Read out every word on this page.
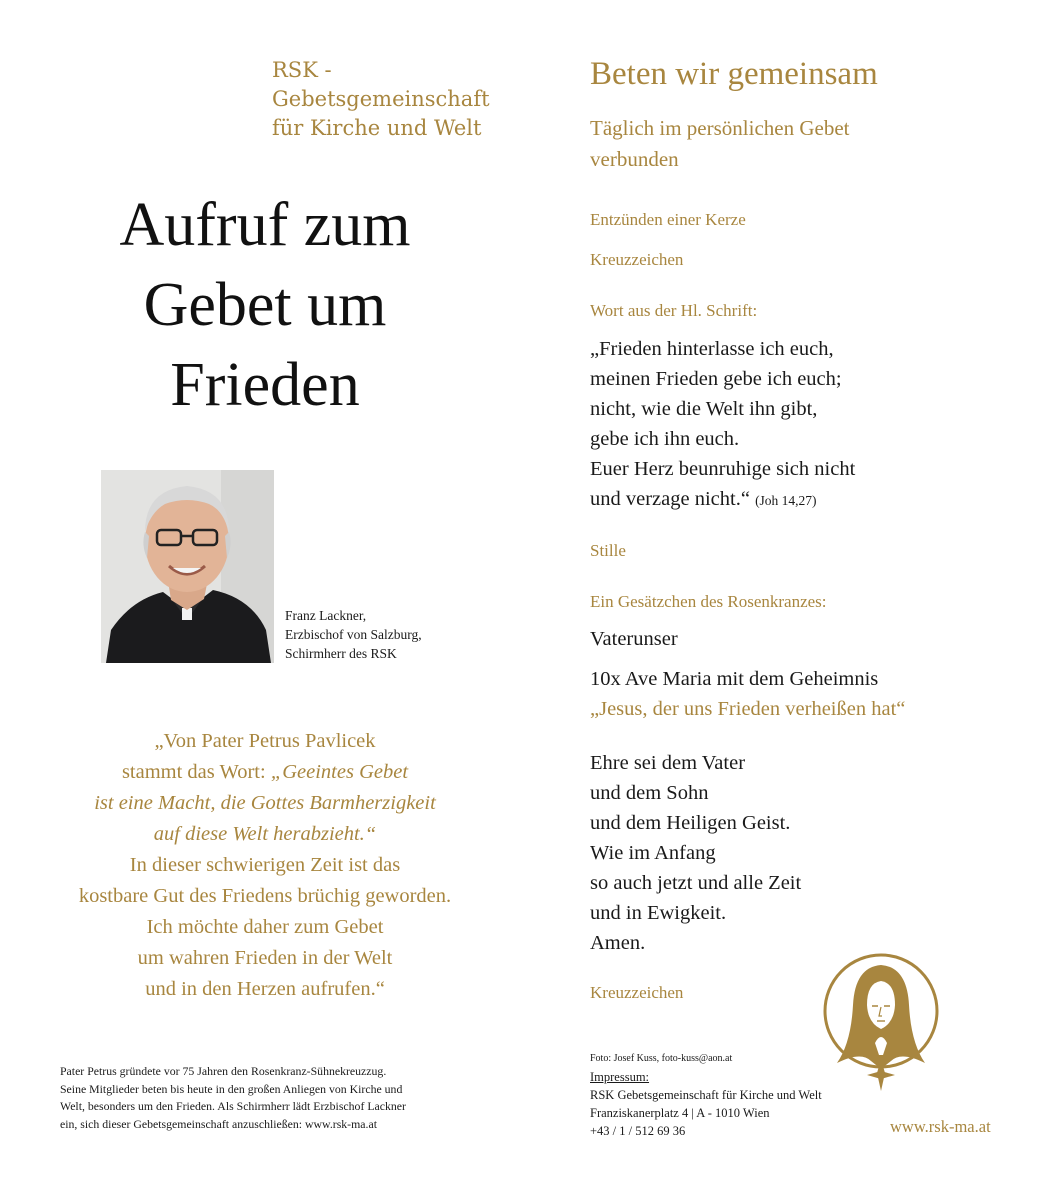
RSK -
Gebetsgemeinschaft
für Kirche und Welt
Aufruf zum
Gebet um
Frieden
Franz Lackner,
Erzbischof von Salzburg,
Schirmherr des RSK
„Von Pater Petrus Pavlicek
stammt das Wort: „Geeintes Gebet
ist eine Macht, die Gottes Barmherzigkeit
auf diese Welt herabzieht.“
In dieser schwierigen Zeit ist das
kostbare Gut des Friedens brüchig geworden.
Ich möchte daher zum Gebet
um wahren Frieden in der Welt
und in den Herzen aufrufen.“
Pater Petrus gründete vor 75 Jahren den Rosenkranz-Sühnekreuzzug.
Seine Mitglieder beten bis heute in den großen Anliegen von Kirche und
Welt, besonders um den Frieden. Als Schirmherr lädt Erzbischof Lackner
ein, sich dieser Gebetsgemeinschaft anzuschließen: www.rsk-ma.at
Beten wir gemeinsam
Täglich im persönlichen Gebet
verbunden
Entzünden einer Kerze
Kreuzzeichen
Wort aus der Hl. Schrift:
„Frieden hinterlasse ich euch,
meinen Frieden gebe ich euch;
nicht, wie die Welt ihn gibt,
gebe ich ihn euch.
Euer Herz beunruhige sich nicht
und verzage nicht.“ (Joh 14,27)
Stille
Ein Gesätzchen des Rosenkranzes:
Vaterunser
10x Ave Maria mit dem Geheimnis
„Jesus, der uns Frieden verheißen hat“
Ehre sei dem Vater
und dem Sohn
und dem Heiligen Geist.
Wie im Anfang
so auch jetzt und alle Zeit
und in Ewigkeit.
Amen.
Kreuzzeichen
Foto: Josef Kuss, foto-kuss@aon.at
Impressum:
RSK Gebetsgemeinschaft für Kirche und Welt
Franziskanerplatz 4 | A - 1010 Wien
+43 / 1 / 512 69 36	www.rsk-ma.at
